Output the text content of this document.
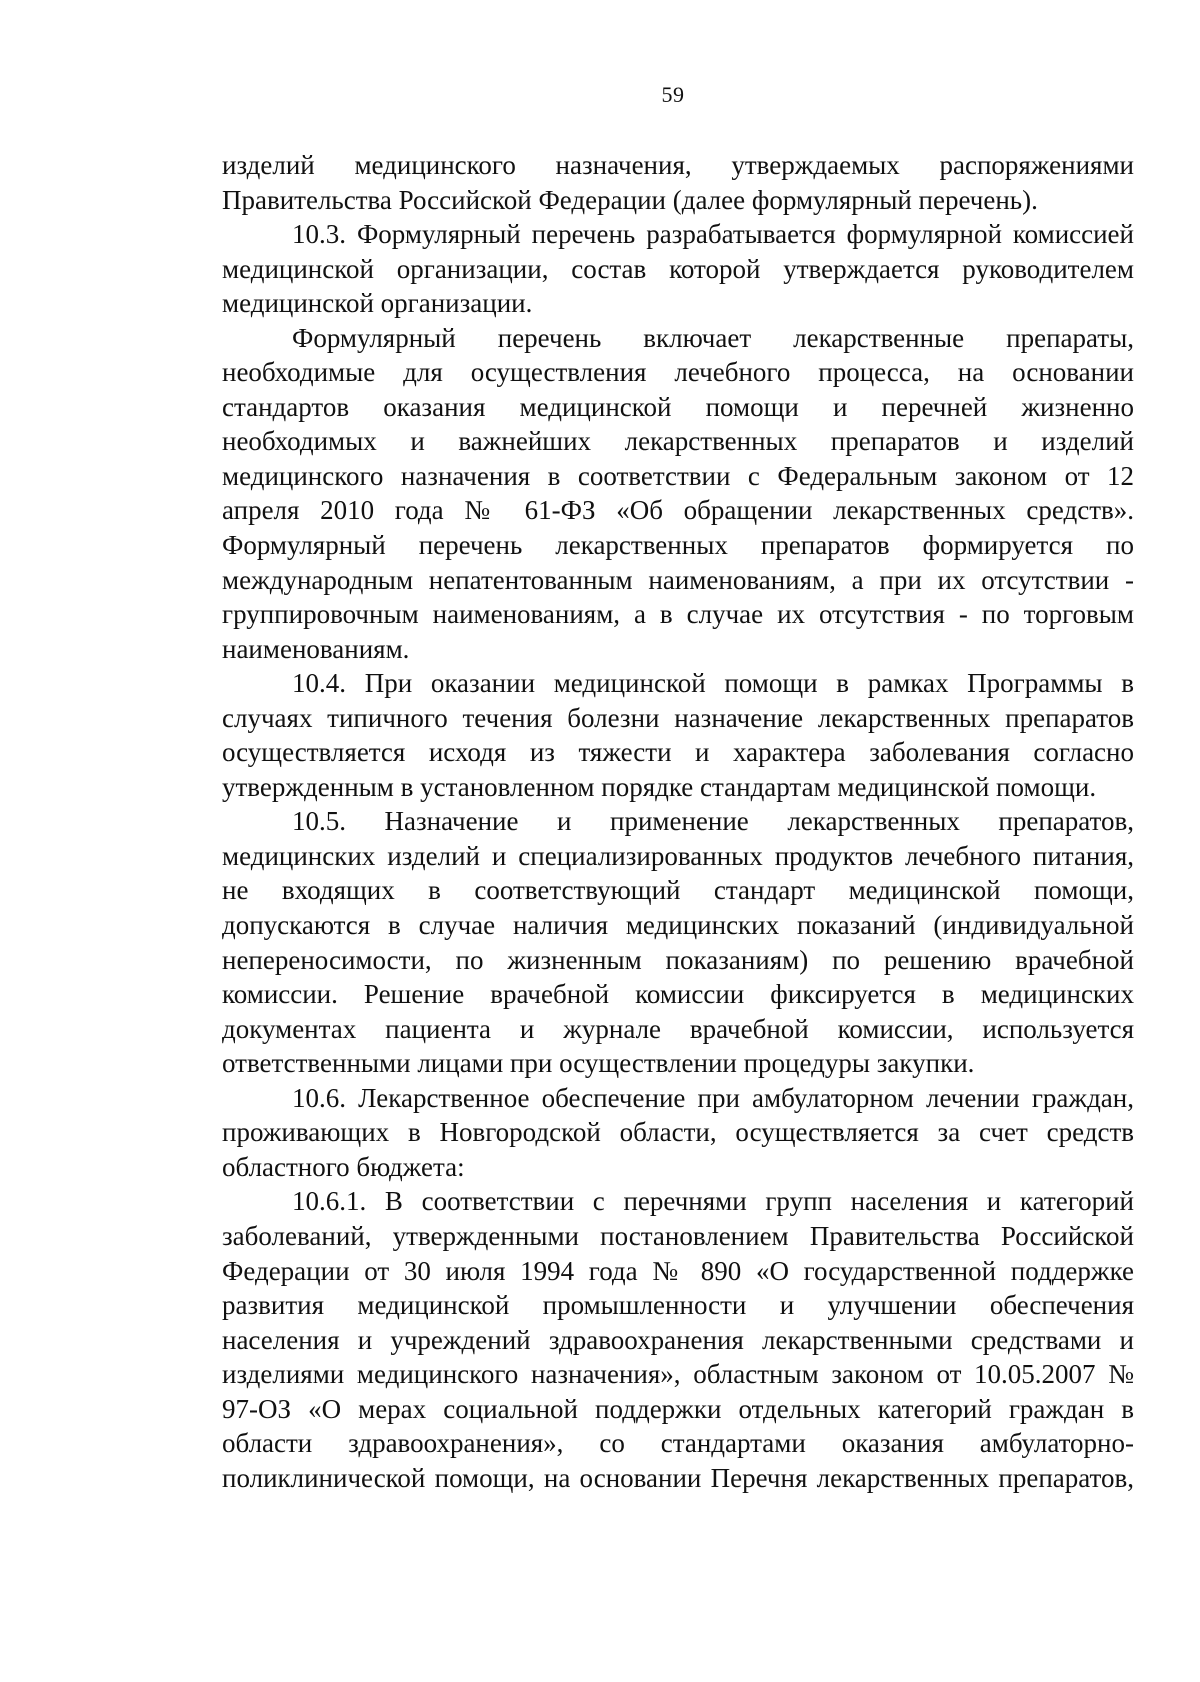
59
изделий медицинского назначения, утверждаемых распоряжениями
Правительства Российской Федерации (далее формулярный перечень).
10.3. Формулярный перечень разрабатывается формулярной комиссией
медицинской организации, состав которой утверждается руководителем
медицинской организации.
Формулярный перечень включает лекарственные препараты,
необходимые для осуществления лечебного процесса, на основании
стандартов оказания медицинской помощи и перечней жизненно
необходимых и важнейших лекарственных препаратов и изделий
медицинского назначения в соответствии с Федеральным законом от 12
апреля 2010 года № 61-ФЗ «Об обращении лекарственных средств».
Формулярный перечень лекарственных препаратов формируется по
международным непатентованным наименованиям, а при их отсутствии -
группировочным наименованиям, а в случае их отсутствия - по торговым
наименованиям.
10.4. При оказании медицинской помощи в рамках Программы в
случаях типичного течения болезни назначение лекарственных препаратов
осуществляется исходя из тяжести и характера заболевания согласно
утвержденным в установленном порядке стандартам медицинской помощи.
10.5. Назначение и применение лекарственных препаратов,
медицинских изделий и специализированных продуктов лечебного питания,
не входящих в соответствующий стандарт медицинской помощи,
допускаются в случае наличия медицинских показаний (индивидуальной
непереносимости, по жизненным показаниям) по решению врачебной
комиссии. Решение врачебной комиссии фиксируется в медицинских
документах пациента и журнале врачебной комиссии, используется
ответственными лицами при осуществлении процедуры закупки.
10.6. Лекарственное обеспечение при амбулаторном лечении граждан,
проживающих в Новгородской области, осуществляется за счет средств
областного бюджета:
10.6.1. В соответствии с перечнями групп населения и категорий
заболеваний, утвержденными постановлением Правительства Российской
Федерации от 30 июля 1994 года № 890 «О государственной поддержке
развития медицинской промышленности и улучшении обеспечения
населения и учреждений здравоохранения лекарственными средствами и
изделиями медицинского назначения», областным законом от 10.05.2007 №
97-ОЗ «О мерах социальной поддержки отдельных категорий граждан в
области здравоохранения», со стандартами оказания амбулаторно-
поликлинической помощи, на основании Перечня лекарственных препаратов,
